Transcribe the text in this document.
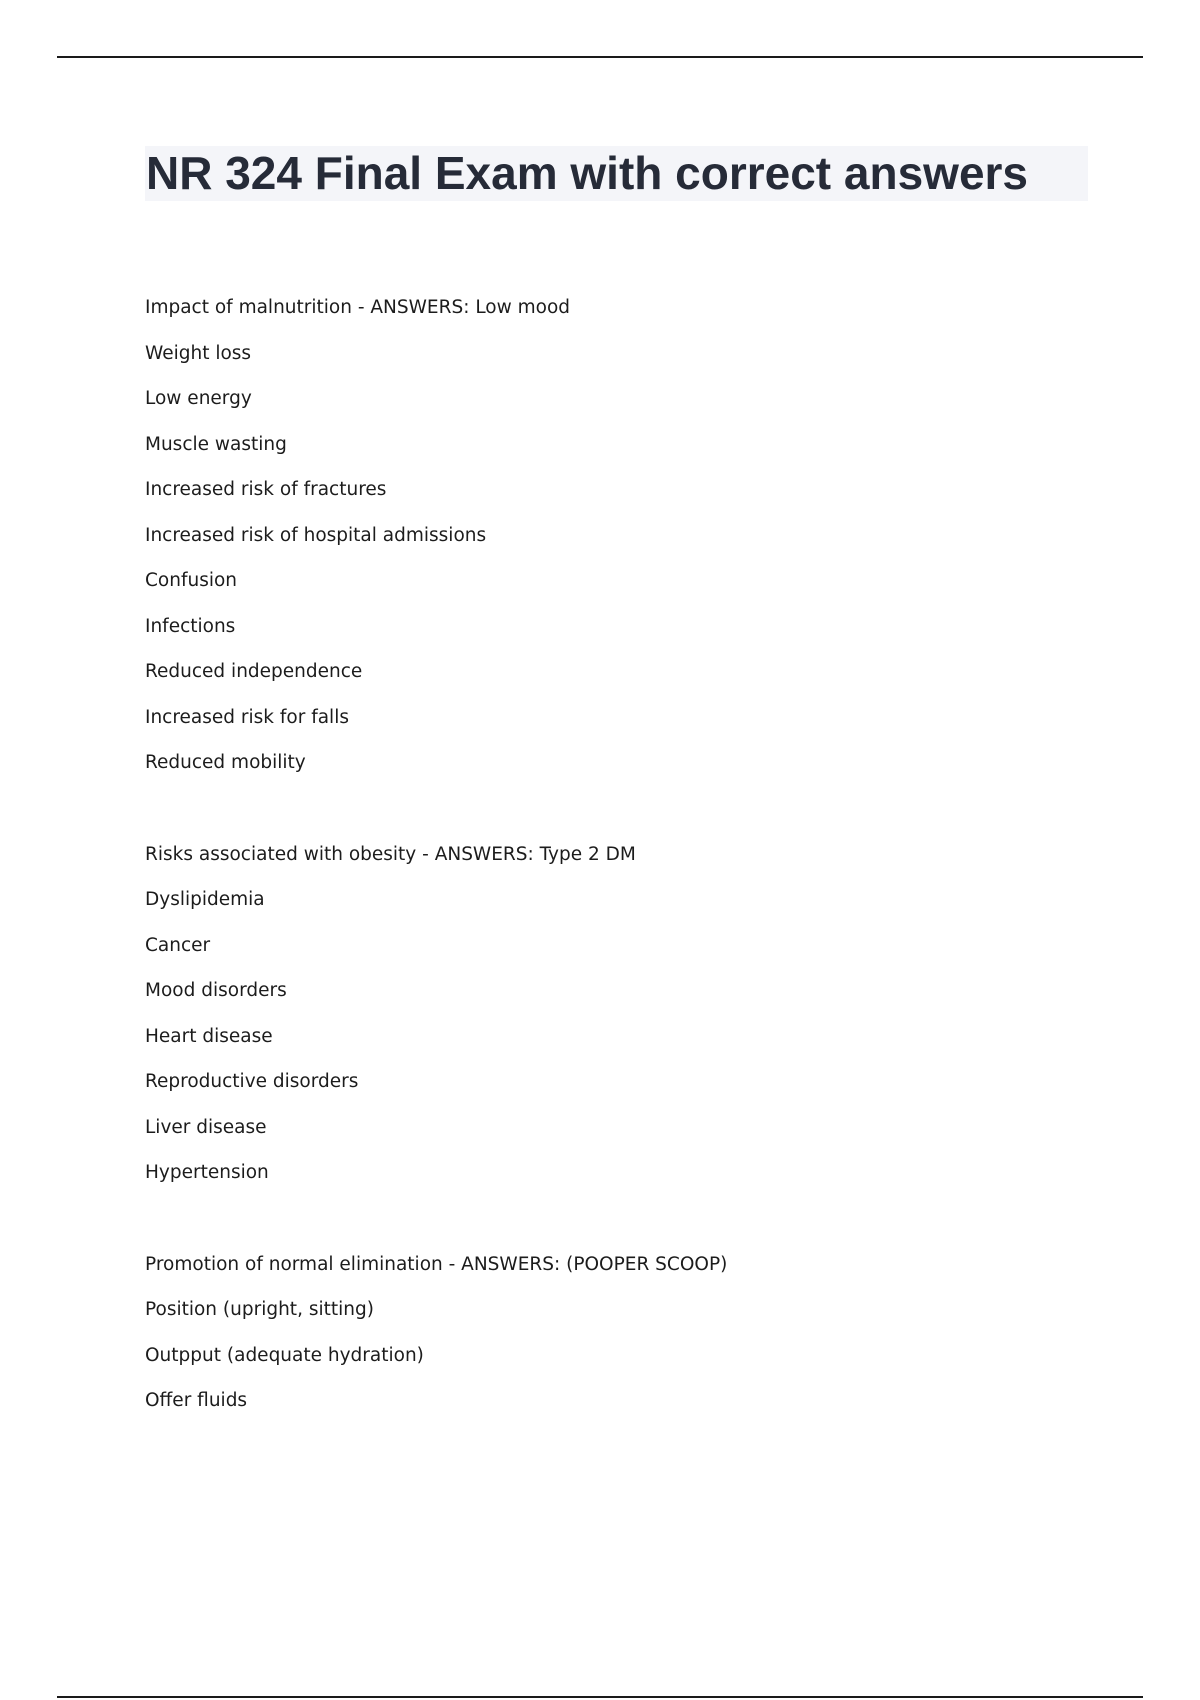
NR 324 Final Exam with correct answers
Impact of malnutrition - ANSWERS: Low mood
Weight loss
Low energy
Muscle wasting
Increased risk of fractures
Increased risk of hospital admissions
Confusion
Infections
Reduced independence
Increased risk for falls
Reduced mobility
Risks associated with obesity - ANSWERS: Type 2 DM
Dyslipidemia
Cancer
Mood disorders
Heart disease
Reproductive disorders
Liver disease
Hypertension
Promotion of normal elimination - ANSWERS: (POOPER SCOOP)
Position (upright, sitting)
Outpput (adequate hydration)
Offer fluids
